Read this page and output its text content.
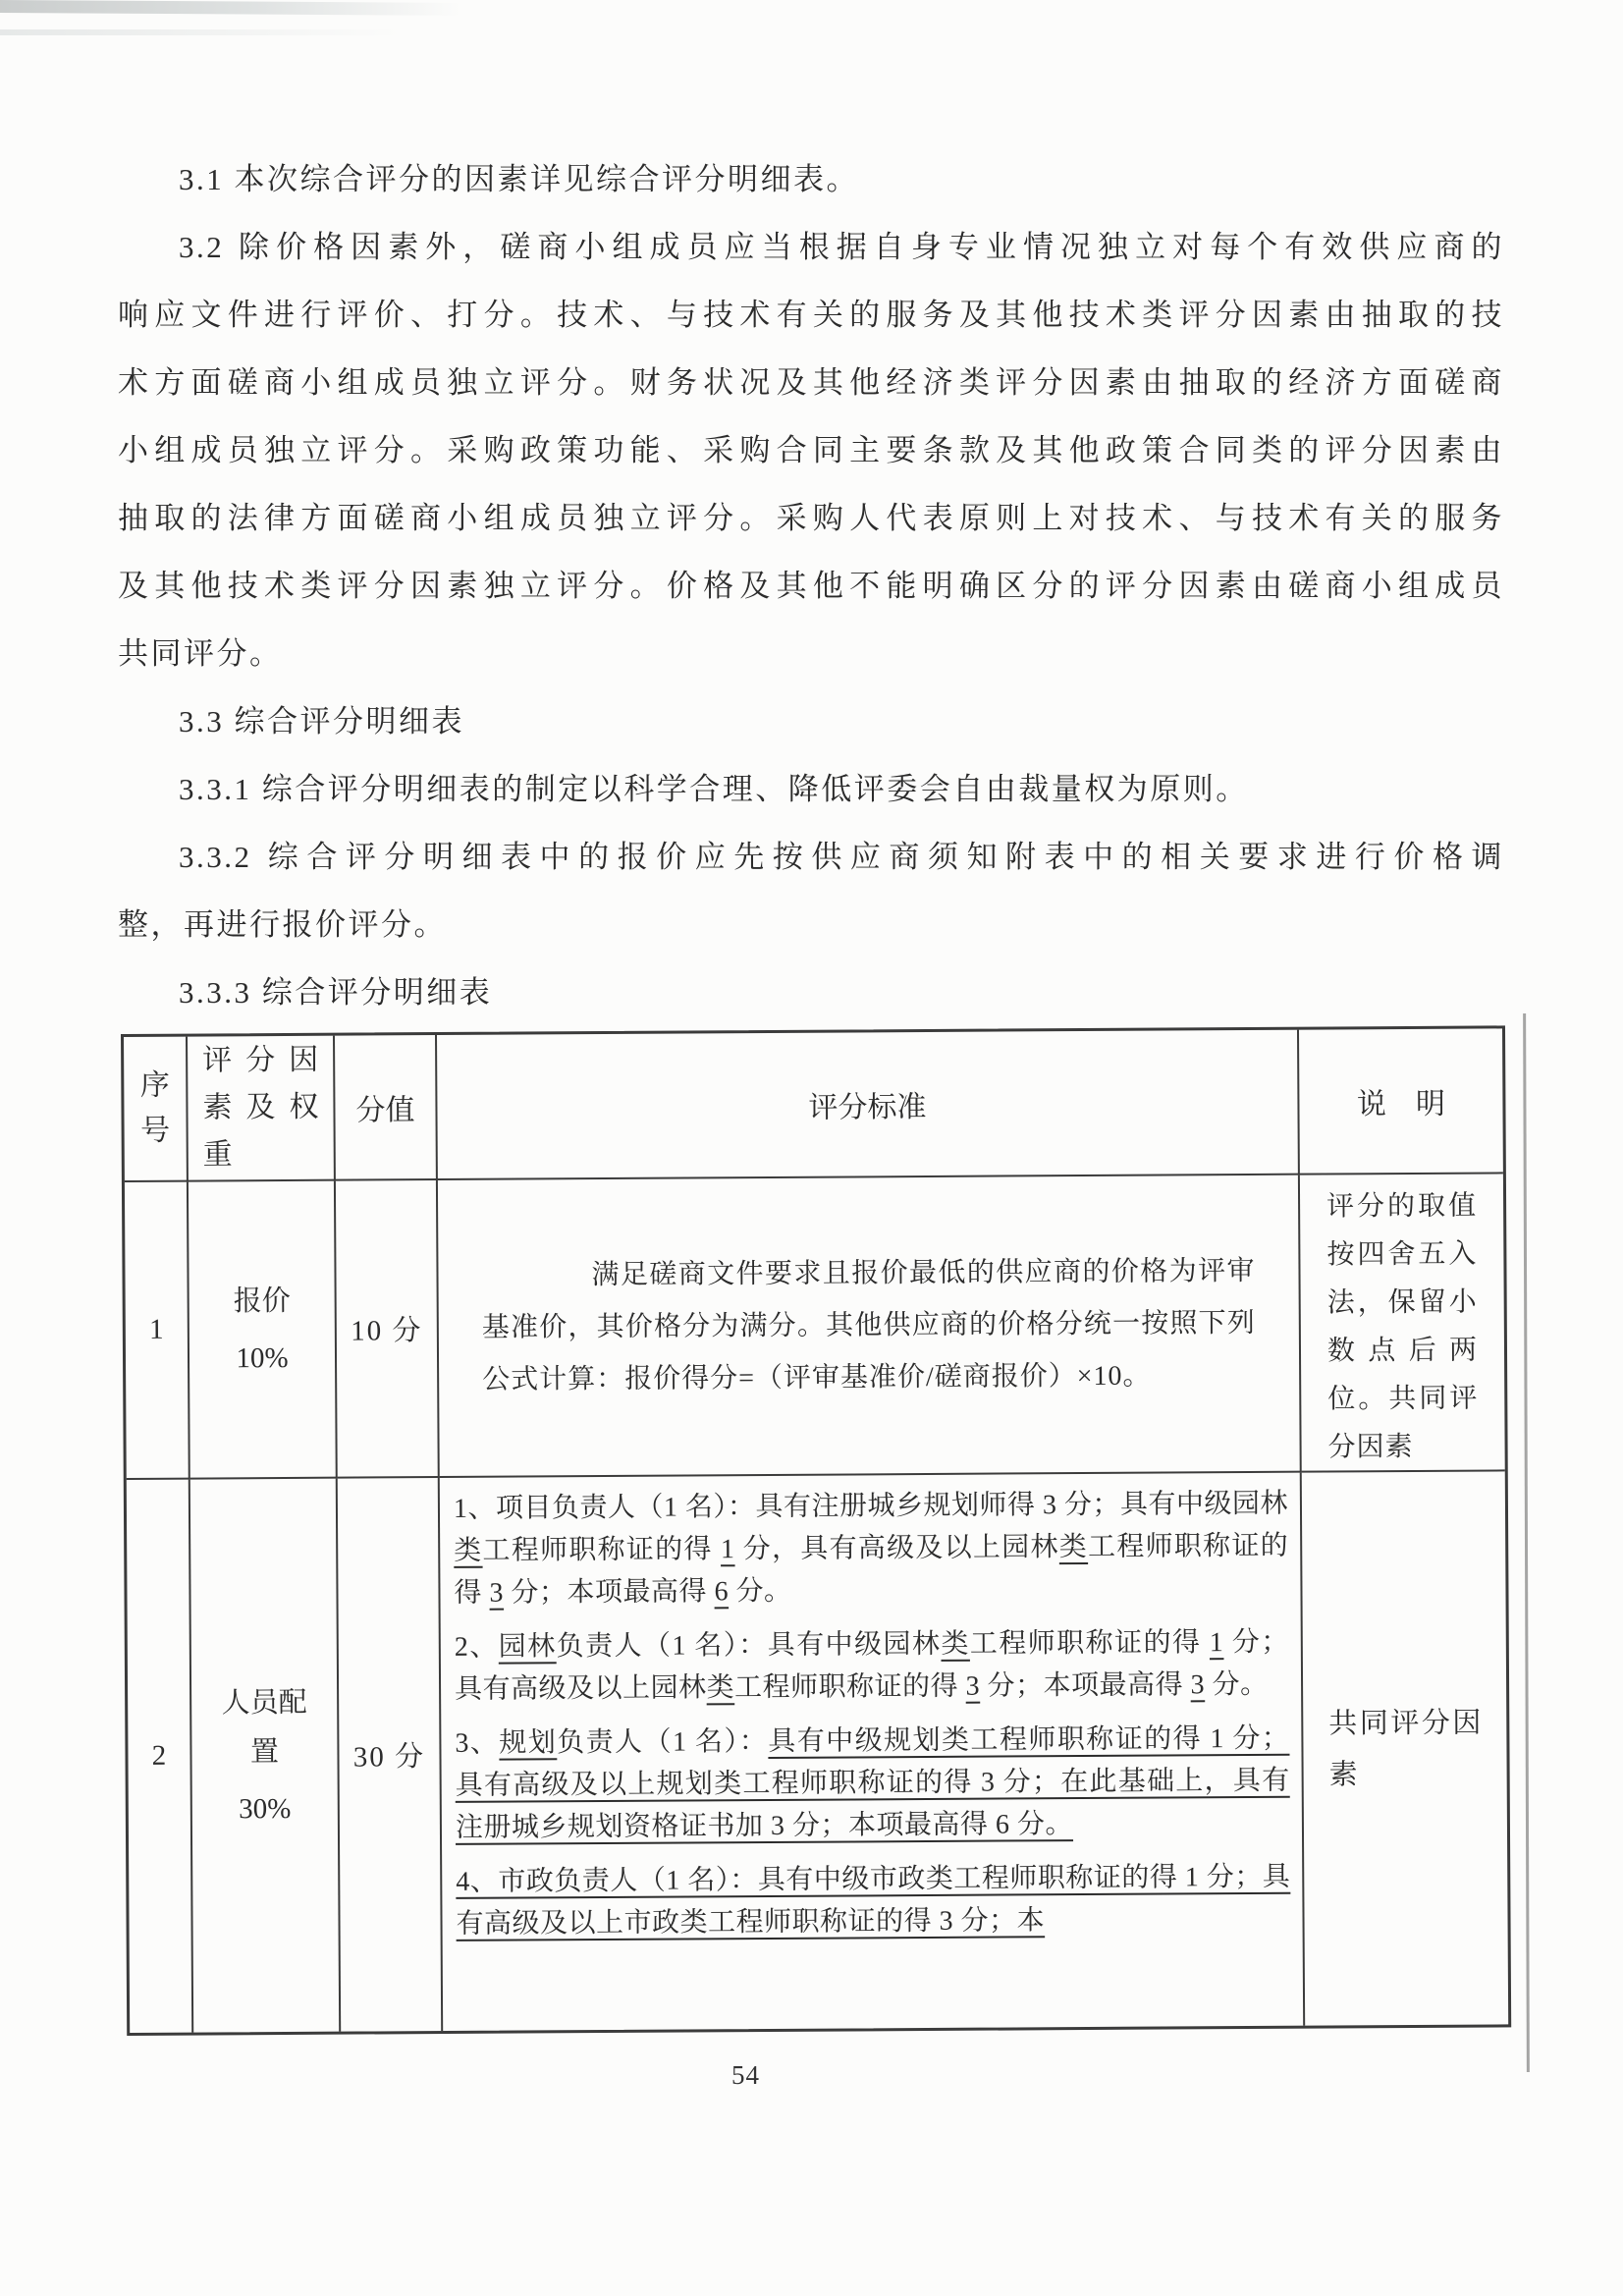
3.1 本次综合评分的因素详见综合评分明细表。
3.2 除价格因素外，磋商小组成员应当根据自身专业情况独立对每个有效供应商的
响应文件进行评价、打分。技术、与技术有关的服务及其他技术类评分因素由抽取的技
术方面磋商小组成员独立评分。财务状况及其他经济类评分因素由抽取的经济方面磋商
小组成员独立评分。采购政策功能、采购合同主要条款及其他政策合同类的评分因素由
抽取的法律方面磋商小组成员独立评分。采购人代表原则上对技术、与技术有关的服务
及其他技术类评分因素独立评分。价格及其他不能明确区分的评分因素由磋商小组成员
共同评分。
3.3 综合评分明细表
3.3.1 综合评分明细表的制定以科学合理、降低评委会自由裁量权为原则。
3.3.2 综合评分明细表中的报价应先按供应商须知附表中的相关要求进行价格调
整，再进行报价评分。
3.3.3 综合评分明细表
序号
评分因素及权重
分值	评分标准	说　明
1
报价
10%
10 分

满足磋商文件要求且报价最低的供应商的价格为评审基准价，其价格分为满分。其他供应商的价格分统一按照下列公式计算：报价得分=（评审基准价/磋商报价）×10。

评分的取值按四舍五入法，保留小数点后两位。共同评分因素
2
人员配置
30%
30 分

1、项目负责人（1 名）：具有注册城乡规划师得 3 分；具有中级园林类工程师职称证的得 1 分，具有高级及以上园林类工程师职称证的得 3 分；本项最高得 6 分。

2、园林负责人（1 名）：具有中级园林类工程师职称证的得 1 分；具有高级及以上园林类工程师职称证的得 3 分；本项最高得 3 分。

3、规划负责人（1 名）：具有中级规划类工程师职称证的得 1 分；具有高级及以上规划类工程师职称证的得 3 分；在此基础上，具有注册城乡规划资格证书加 3 分；本项最高得 6 分。

4、市政负责人（1 名）：具有中级市政类工程师职称证的得 1 分；具有高级及以上市政类工程师职称证的得 3 分；本

共同评分因素
54
